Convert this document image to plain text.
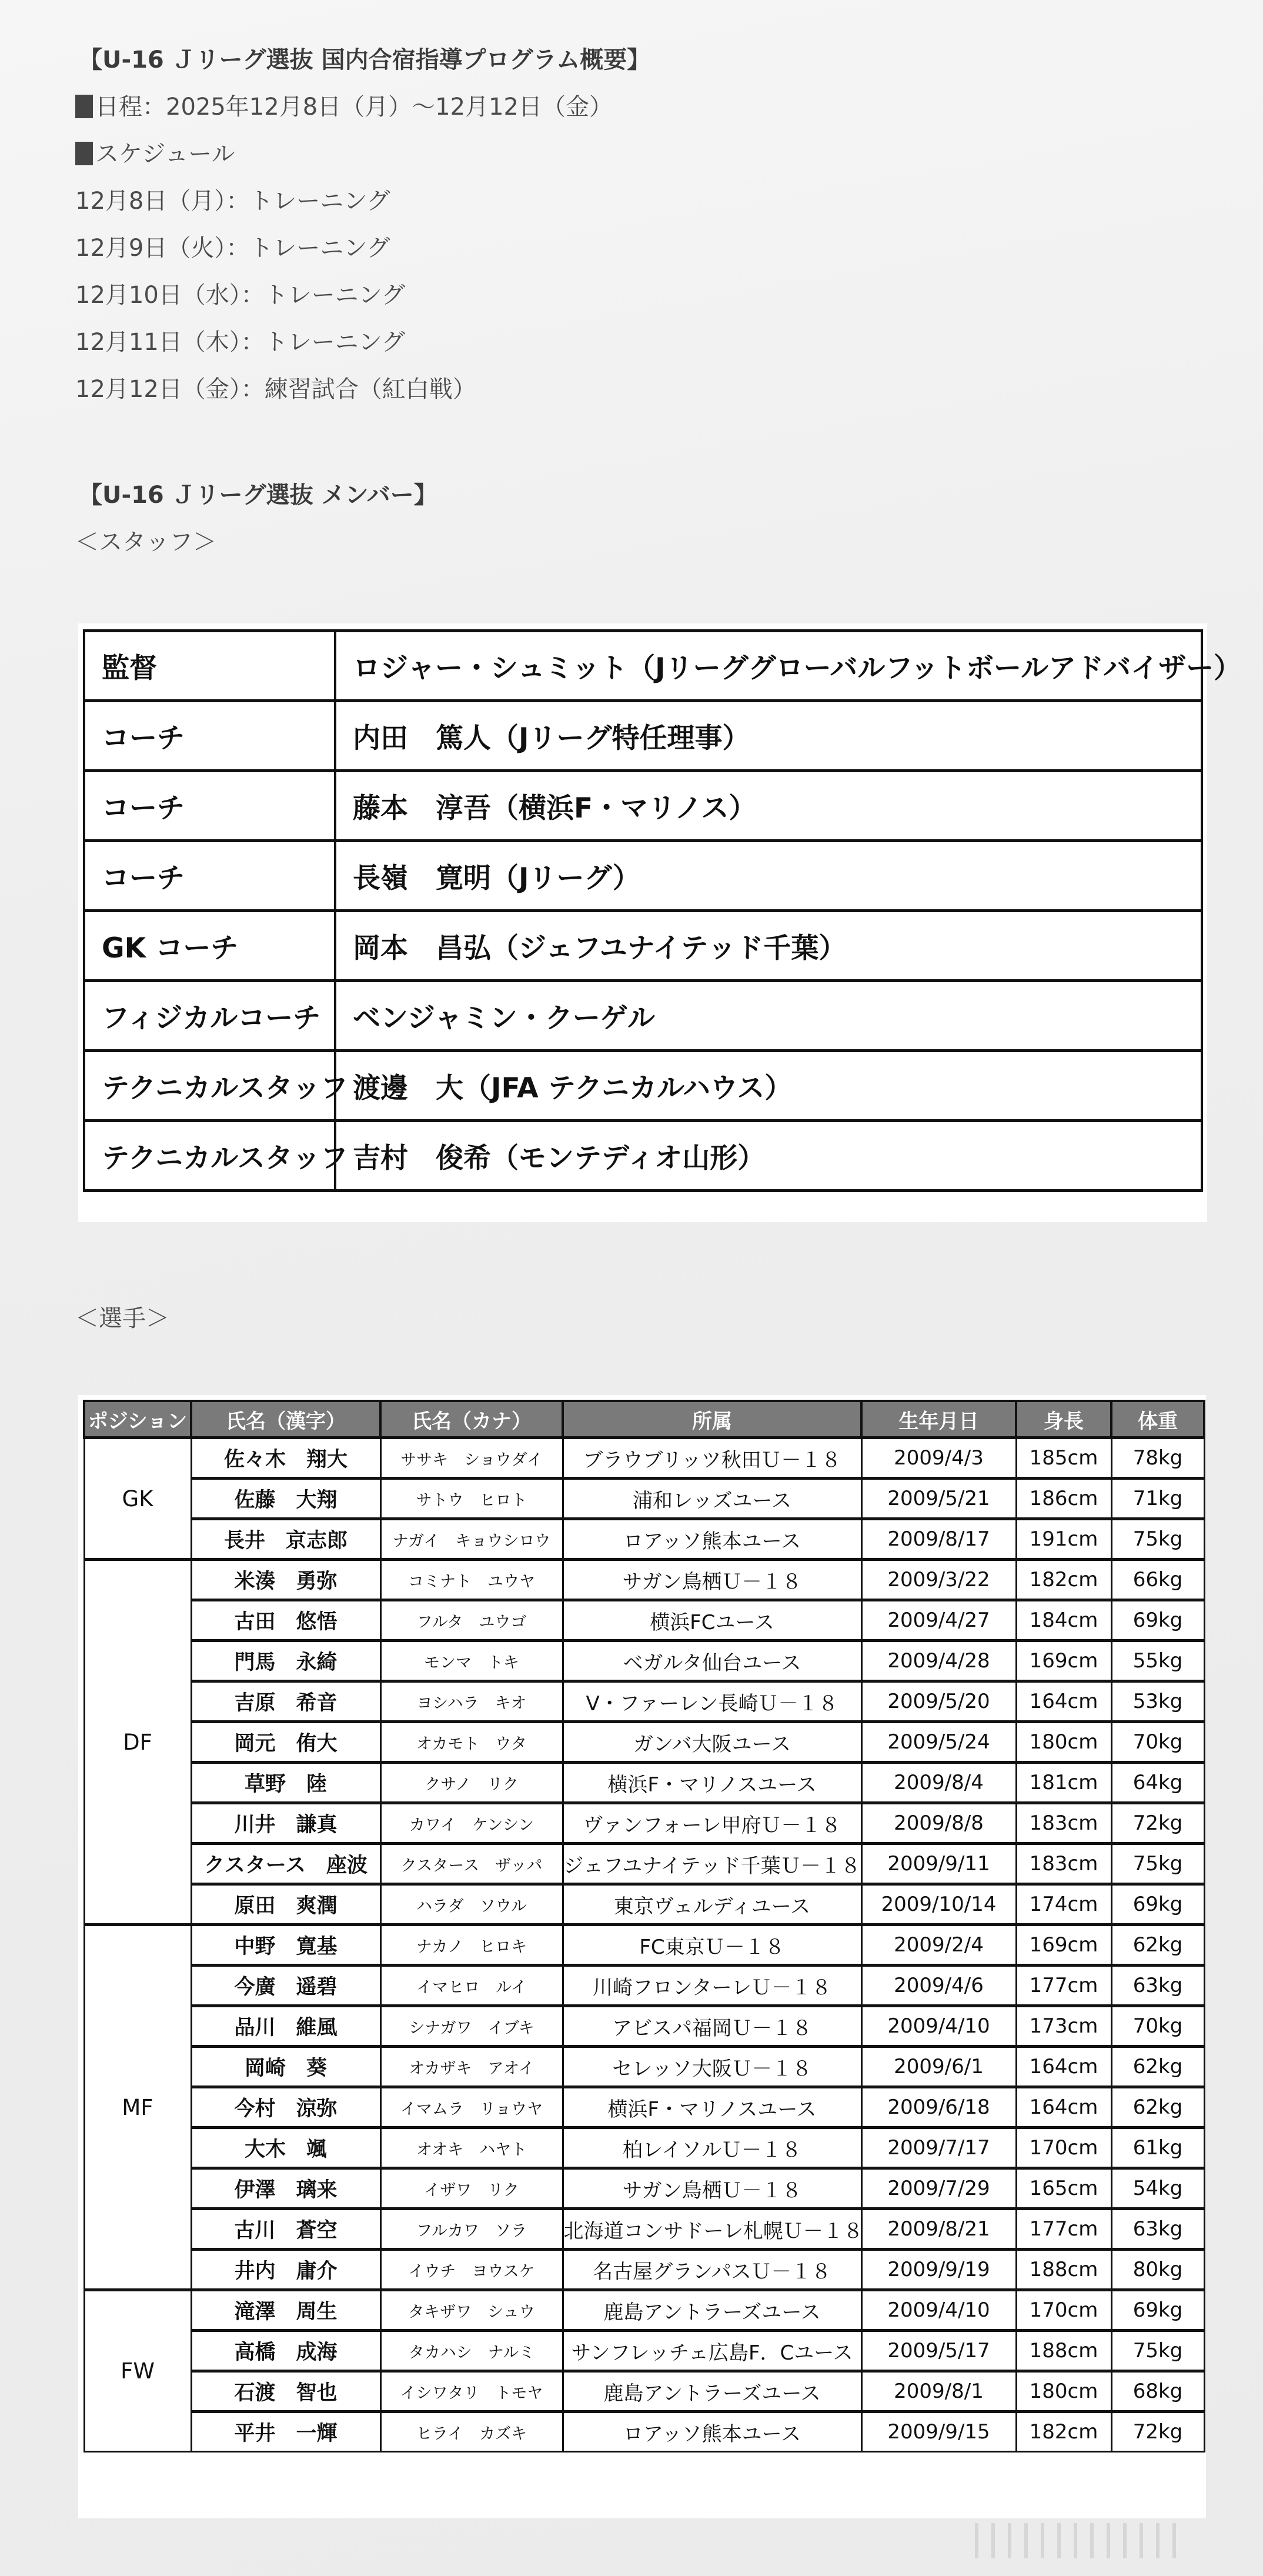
【U-16 Ｊリーグ選抜 国内合宿指導プログラム概要】
日程：2025年12月8日（月）～12月12日（金）
スケジュール
12月8日（月）：トレーニング
12月9日（火）：トレーニング
12月10日（水）：トレーニング
12月11日（木）：トレーニング
12月12日（金）：練習試合（紅白戦）
【U-16 Ｊリーグ選抜 メンバー】
＜スタッフ＞
監督	ロジャー・シュミット（Jリーググローバルフットボールアドバイザー）
コーチ	内田　篤人（Jリーグ特任理事）
コーチ	藤本　淳吾（横浜F・マリノス）
コーチ	長嶺　寛明（Jリーグ）
GK コーチ	岡本　昌弘（ジェフユナイテッド千葉）
フィジカルコーチ	ベンジャミン・クーゲル
テクニカルスタッフ	渡邊　大（JFA テクニカルハウス）
テクニカルスタッフ	吉村　俊希（モンテディオ山形）
＜選手＞
ポジション	氏名（漢字）	氏名（カナ）	所属	生年月日	身長	体重
GK	佐々木　翔大	ササキ　ショウダイ	ブラウブリッツ秋田Ｕ－１８	2009/4/3	185cm	78kg
	佐藤　大翔	サトウ　ヒロト	浦和レッズユース	2009/5/21	186cm	71kg
	長井　京志郎	ナガイ　キョウシロウ	ロアッソ熊本ユース	2009/8/17	191cm	75kg
DF	米湊　勇弥	コミナト　ユウヤ	サガン鳥栖Ｕ－１８	2009/3/22	182cm	66kg
	古田　悠悟	フルタ　ユウゴ	横浜FCユース	2009/4/27	184cm	69kg
	門馬　永綺	モンマ　トキ	ベガルタ仙台ユース	2009/4/28	169cm	55kg
	吉原　希音	ヨシハラ　キオ	V・ファーレン長崎Ｕ－１８	2009/5/20	164cm	53kg
	岡元　侑大	オカモト　ウタ	ガンバ大阪ユース	2009/5/24	180cm	70kg
	草野　陸	クサノ　リク	横浜F・マリノスユース	2009/8/4	181cm	64kg
	川井　謙真	カワイ　ケンシン	ヴァンフォーレ甲府Ｕ－１８	2009/8/8	183cm	72kg
	クスタース　座波	クスタース　ザッパ	ジェフユナイテッド千葉Ｕ－１８	2009/9/11	183cm	75kg
	原田　爽潤	ハラダ　ソウル	東京ヴェルディユース	2009/10/14	174cm	69kg
MF	中野　寛基	ナカノ　ヒロキ	FC東京Ｕ－１８	2009/2/4	169cm	62kg
	今廣　遥碧	イマヒロ　ルイ	川崎フロンターレＵ－１８	2009/4/6	177cm	63kg
	品川　維風	シナガワ　イブキ	アビスパ福岡Ｕ－１８	2009/4/10	173cm	70kg
	岡崎　葵	オカザキ　アオイ	セレッソ大阪Ｕ－１８	2009/6/1	164cm	62kg
	今村　涼弥	イマムラ　リョウヤ	横浜F・マリノスユース	2009/6/18	164cm	62kg
	大木　颯	オオキ　ハヤト	柏レイソルＵ－１８	2009/7/17	170cm	61kg
	伊澤　璃来	イザワ　リク	サガン鳥栖Ｕ－１８	2009/7/29	165cm	54kg
	古川　蒼空	フルカワ　ソラ	北海道コンサドーレ札幌Ｕ－１８	2009/8/21	177cm	63kg
	井内　庸介	イウチ　ヨウスケ	名古屋グランパスＵ－１８	2009/9/19	188cm	80kg
FW	滝澤　周生	タキザワ　シュウ	鹿島アントラーズユース	2009/4/10	170cm	69kg
	高橋　成海	タカハシ　ナルミ	サンフレッチェ広島F．Cユース	2009/5/17	188cm	75kg
	石渡　智也	イシワタリ　トモヤ	鹿島アントラーズユース	2009/8/1	180cm	68kg
	平井　一輝	ヒライ　カズキ	ロアッソ熊本ユース	2009/9/15	182cm	72kg
